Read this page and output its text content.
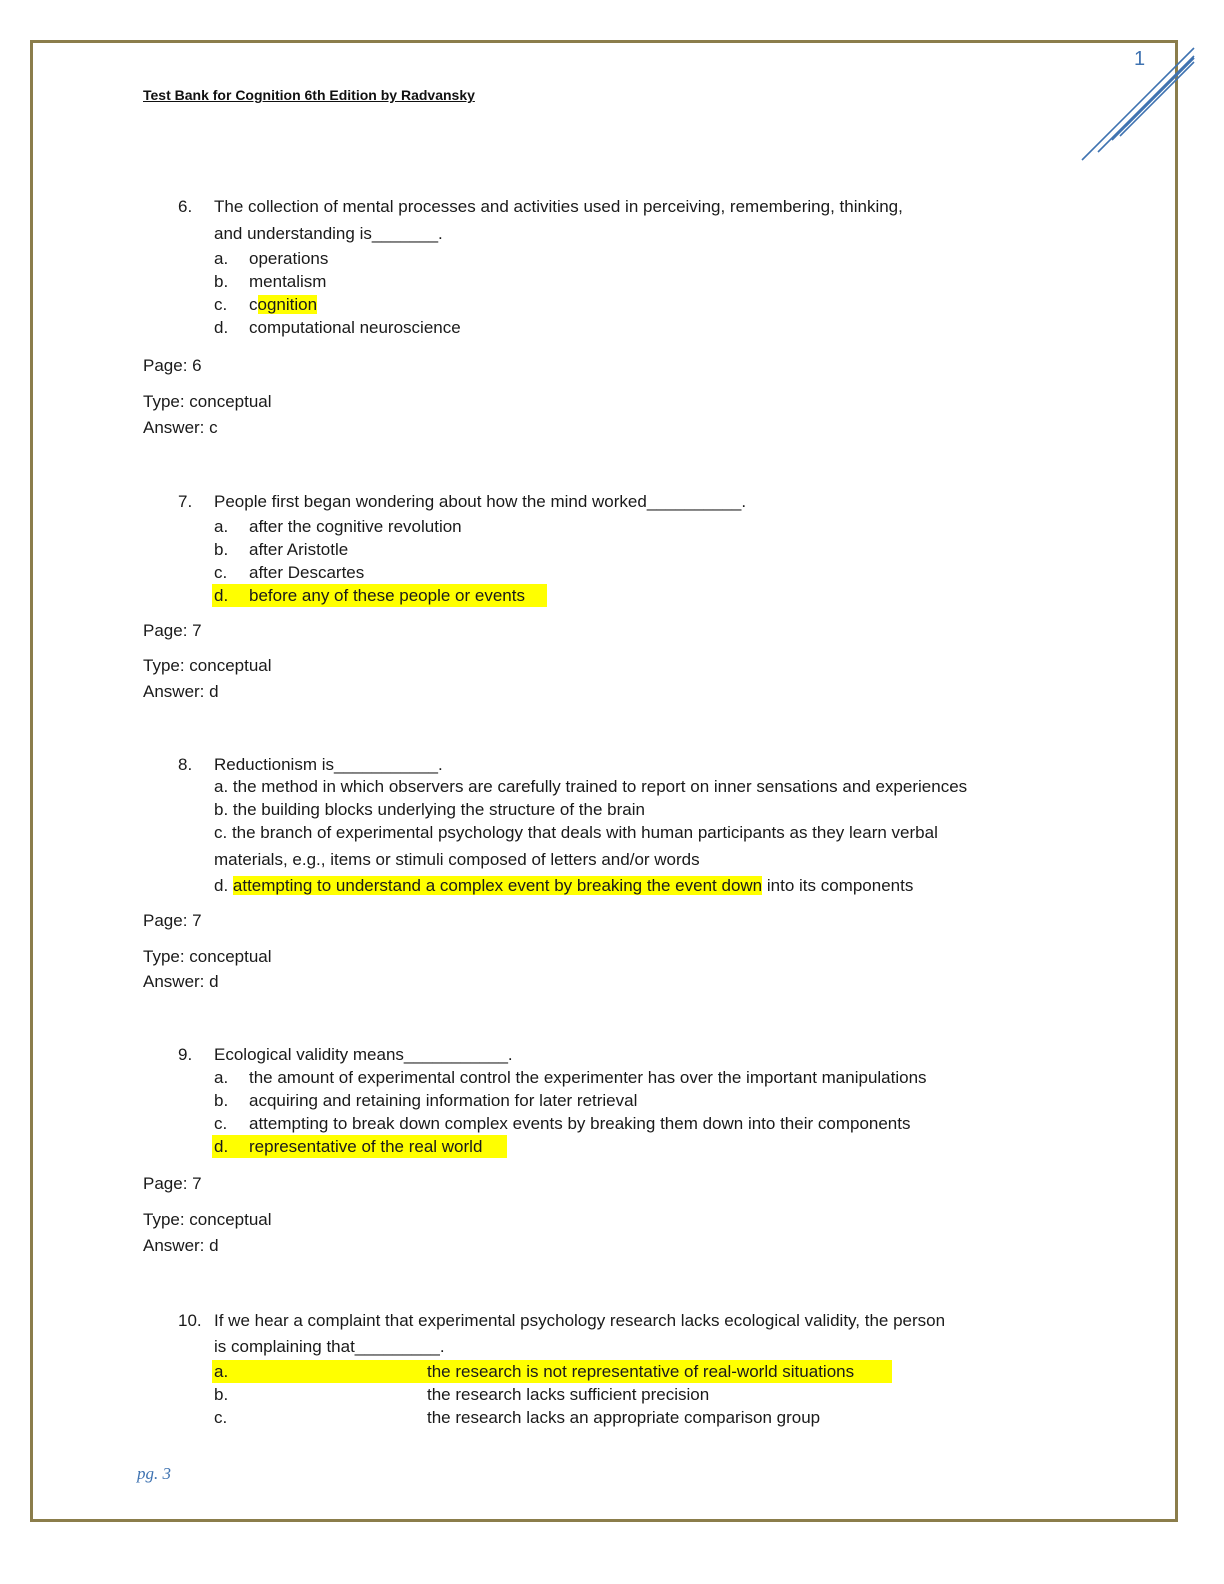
1
Test Bank for Cognition 6th Edition by Radvansky
6. The collection of mental processes and activities used in perceiving, remembering, thinking,
and understanding is_______.
a. operations
b. mentalism
c. cognition
d. computational neuroscience
Page: 6
Type: conceptual
Answer: c
7. People first began wondering about how the mind worked__________.
a. after the cognitive revolution
b. after Aristotle
c. after Descartes
d. before any of these people or events
Page: 7
Type: conceptual
Answer: d
8. Reductionism is___________.
a. the method in which observers are carefully trained to report on inner sensations and experiences
b. the building blocks underlying the structure of the brain
c. the branch of experimental psychology that deals with human participants as they learn verbal
materials, e.g., items or stimuli composed of letters and/or words
d. attempting to understand a complex event by breaking the event down into its components
Page: 7
Type: conceptual
Answer: d
9. Ecological validity means___________.
a. the amount of experimental control the experimenter has over the important manipulations
b. acquiring and retaining information for later retrieval
c. attempting to break down complex events by breaking them down into their components
d. representative of the real world
Page: 7
Type: conceptual
Answer: d
10. If we hear a complaint that experimental psychology research lacks ecological validity, the person
is complaining that_________.
a.	the research is not representative of real-world situations
b.	the research lacks sufficient precision
c.	the research lacks an appropriate comparison group
pg. 3
